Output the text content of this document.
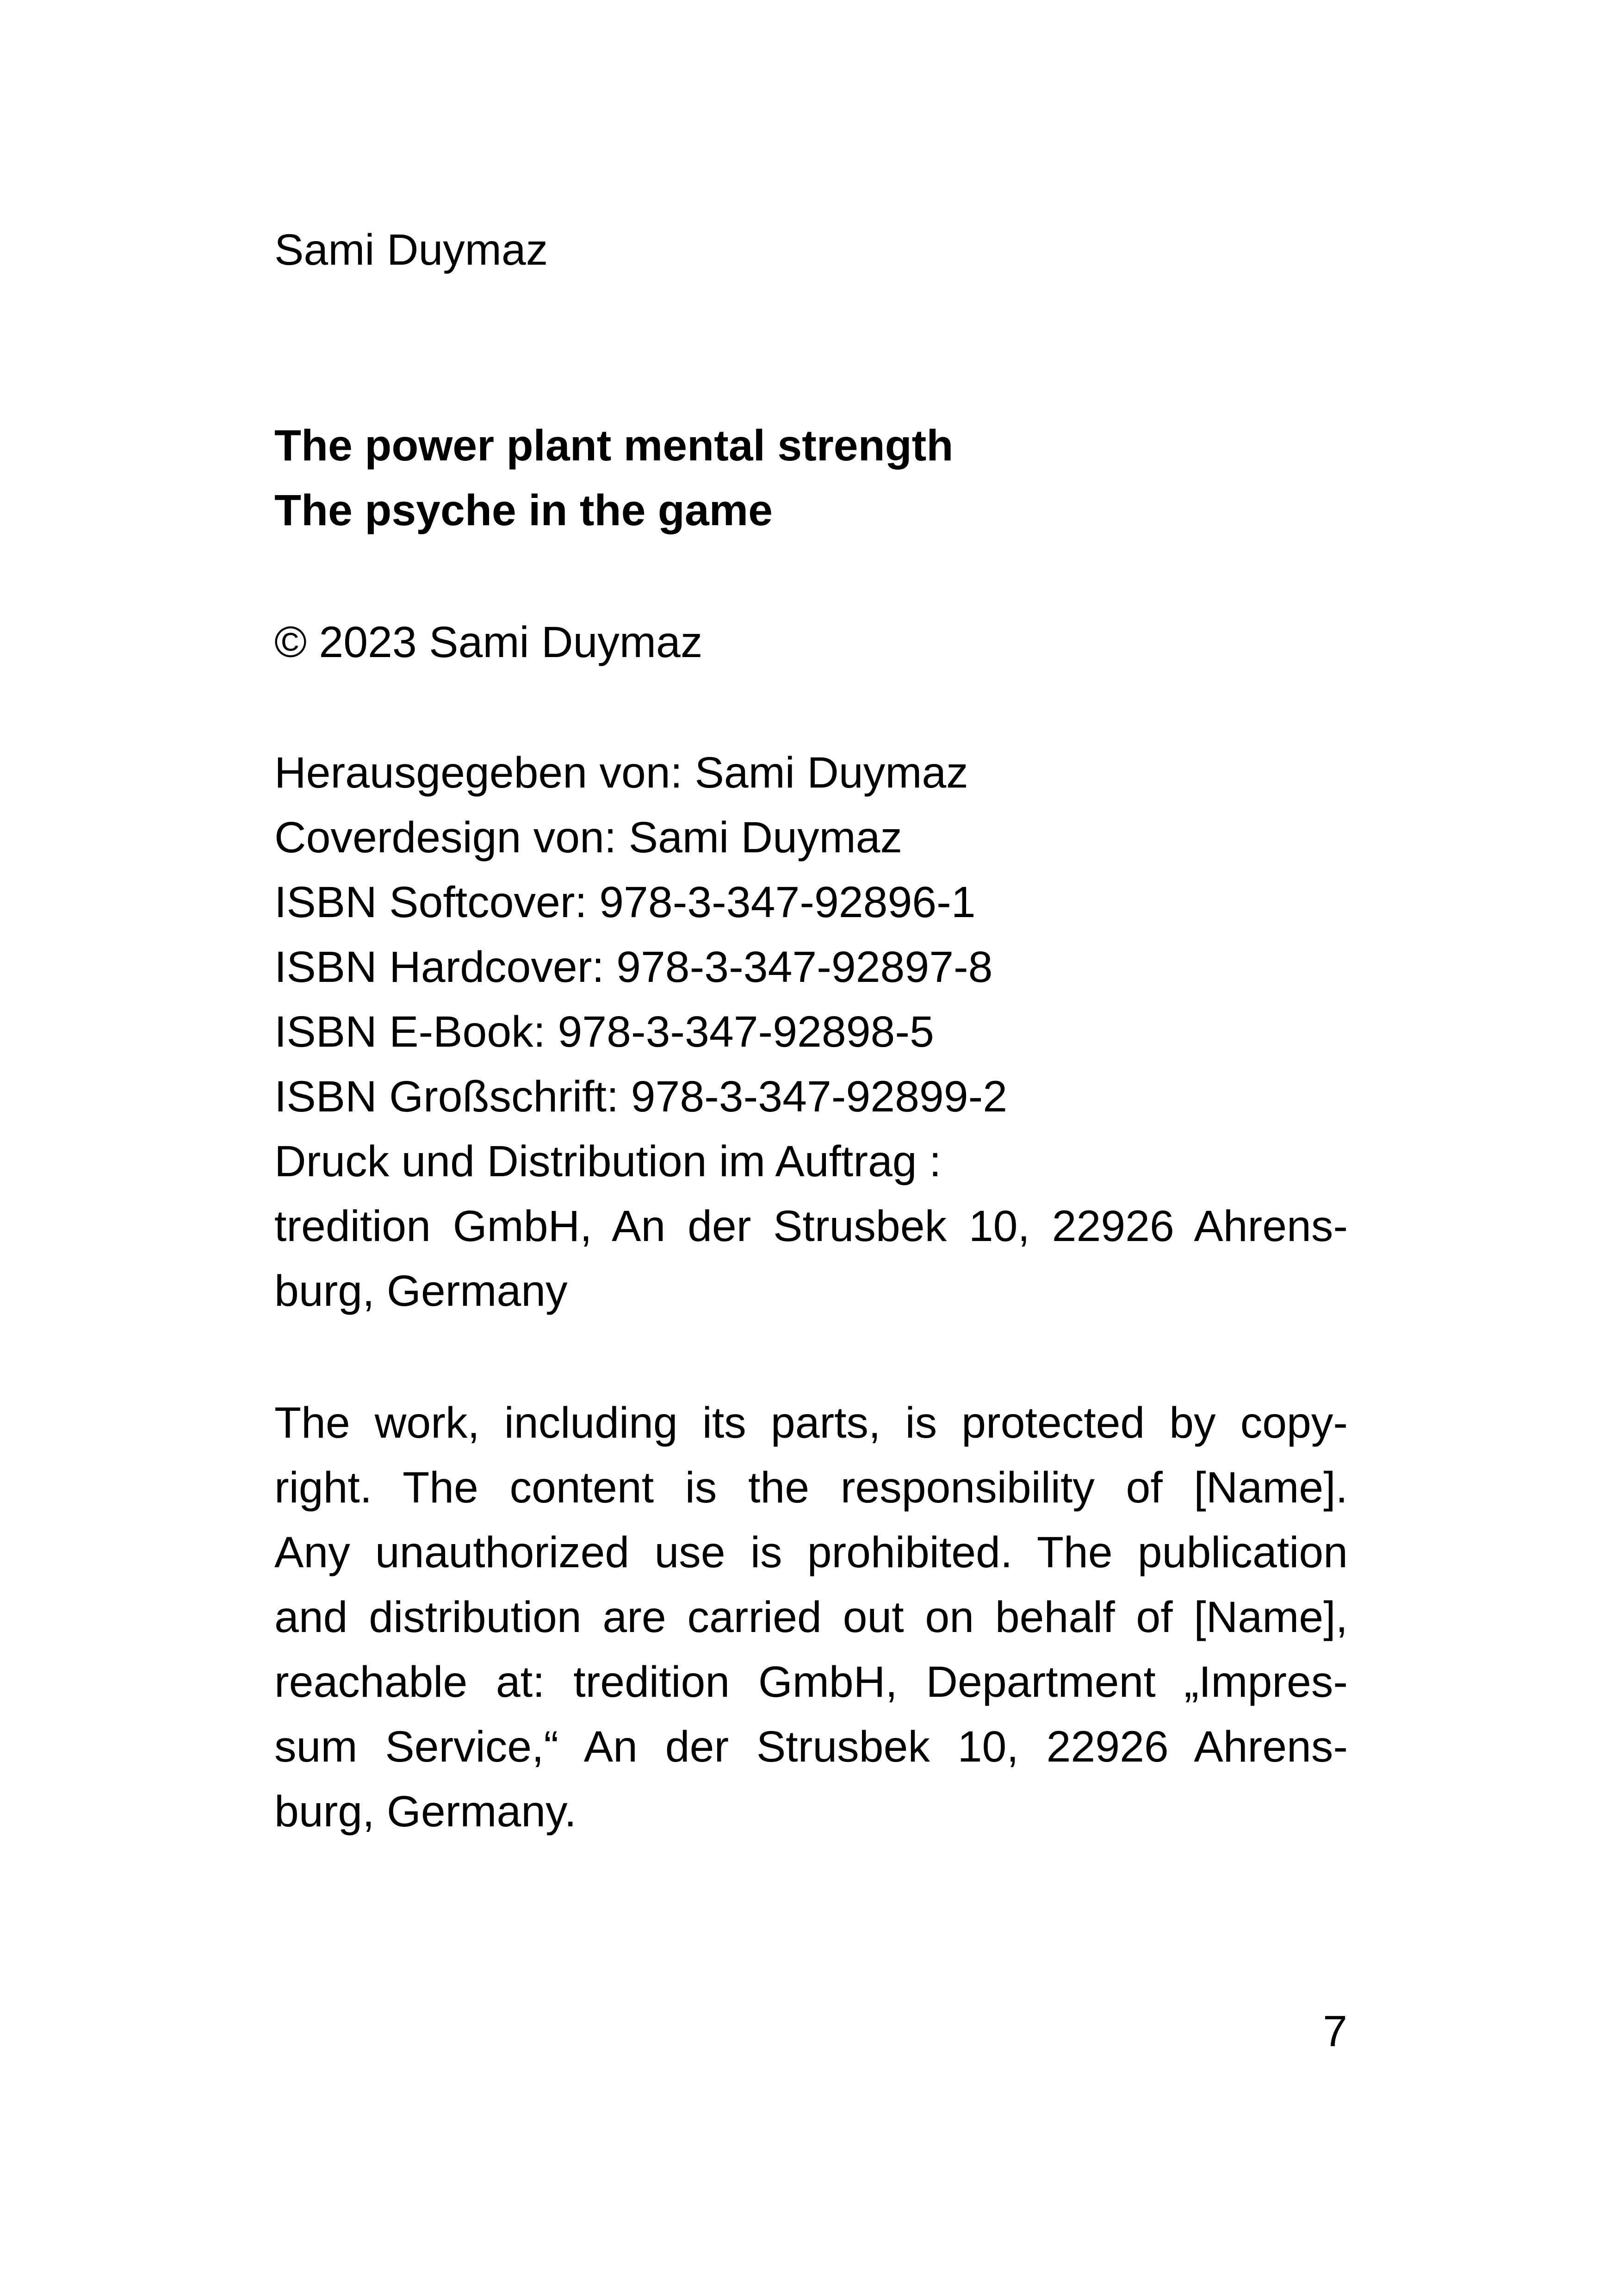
Sami Duymaz

The power plant mental strength
The psyche in the game

© 2023 Sami Duymaz

Herausgegeben von: Sami Duymaz
Coverdesign von: Sami Duymaz
ISBN Softcover: 978-3-347-92896-1
ISBN Hardcover: 978-3-347-92897-8
ISBN E-Book: 978-3-347-92898-5
ISBN Großschrift: 978-3-347-92899-2
Druck und Distribution im Auftrag :
tredition GmbH, An der Strusbek 10, 22926 Ahrens-
burg, Germany
The work, including its parts, is protected by copy-
right. The content is the responsibility of [Name].
Any unauthorized use is prohibited. The publication
and distribution are carried out on behalf of [Name],
reachable at: tredition GmbH, Department „Impres-
sum Service,“ An der Strusbek 10, 22926 Ahrens-
burg, Germany.
7
